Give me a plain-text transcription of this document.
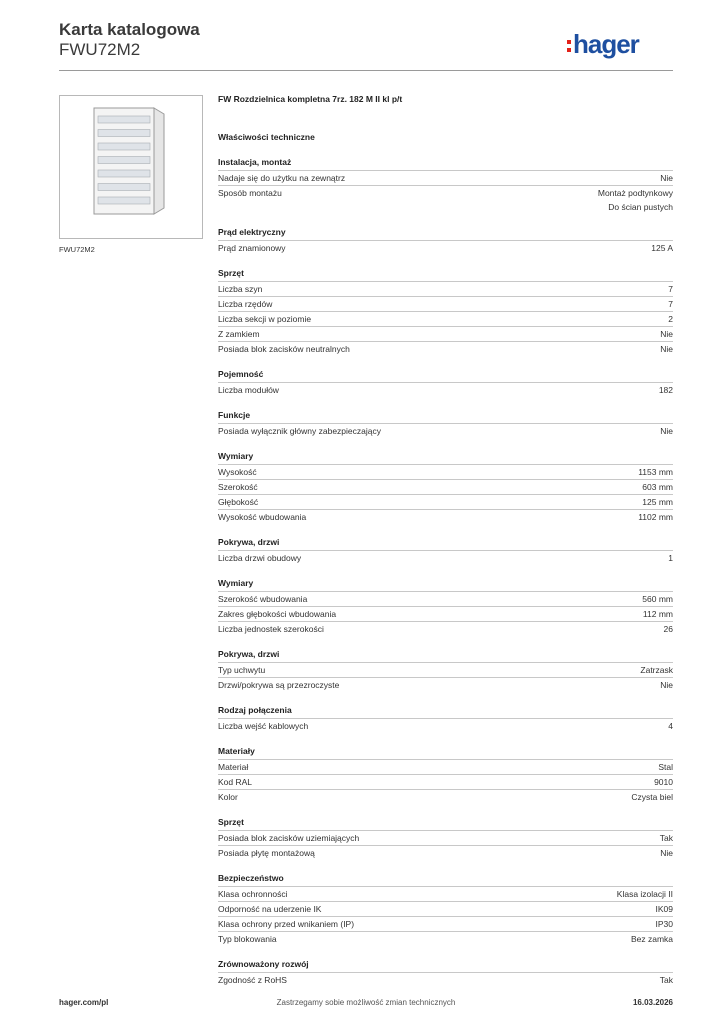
Karta katalogowa
FWU72M2	hager
FWU72M2
FW Rozdzielnica kompletna 7rz. 182 M II kl p/t
Właściwości techniczne
Instalacja, montaż
Nadaje się do użytku na zewnątrz	Nie
Sposób montażu	Montaż podtynkowy
Do ścian pustych
Prąd elektryczny
Prąd znamionowy	125 A
Sprzęt
Liczba szyn	7
Liczba rzędów	7
Liczba sekcji w poziomie	2
Z zamkiem	Nie
Posiada blok zacisków neutralnych	Nie
Pojemność
Liczba modułów	182
Funkcje
Posiada wyłącznik główny zabezpieczający	Nie
Wymiary
Wysokość	1153 mm
Szerokość	603 mm
Głębokość	125 mm
Wysokość wbudowania	1102 mm
Pokrywa, drzwi
Liczba drzwi obudowy	1
Wymiary
Szerokość wbudowania	560 mm
Zakres głębokości wbudowania	112 mm
Liczba jednostek szerokości	26
Pokrywa, drzwi
Typ uchwytu	Zatrzask
Drzwi/pokrywa są przezroczyste	Nie
Rodzaj połączenia
Liczba wejść kablowych	4
Materiały
Materiał	Stal
Kod RAL	9010
Kolor	Czysta biel
Sprzęt
Posiada blok zacisków uziemiających	Tak
Posiada płytę montażową	Nie
Bezpieczeństwo
Klasa ochronności	Klasa izolacji II
Odporność na uderzenie IK	IK09
Klasa ochrony przed wnikaniem (IP)	IP30
Typ blokowania	Bez zamka
Zrównoważony rozwój
Zgodność z RoHS	Tak
hager.com/pl	Zastrzegamy sobie możliwość zmian technicznych	16.03.2026
